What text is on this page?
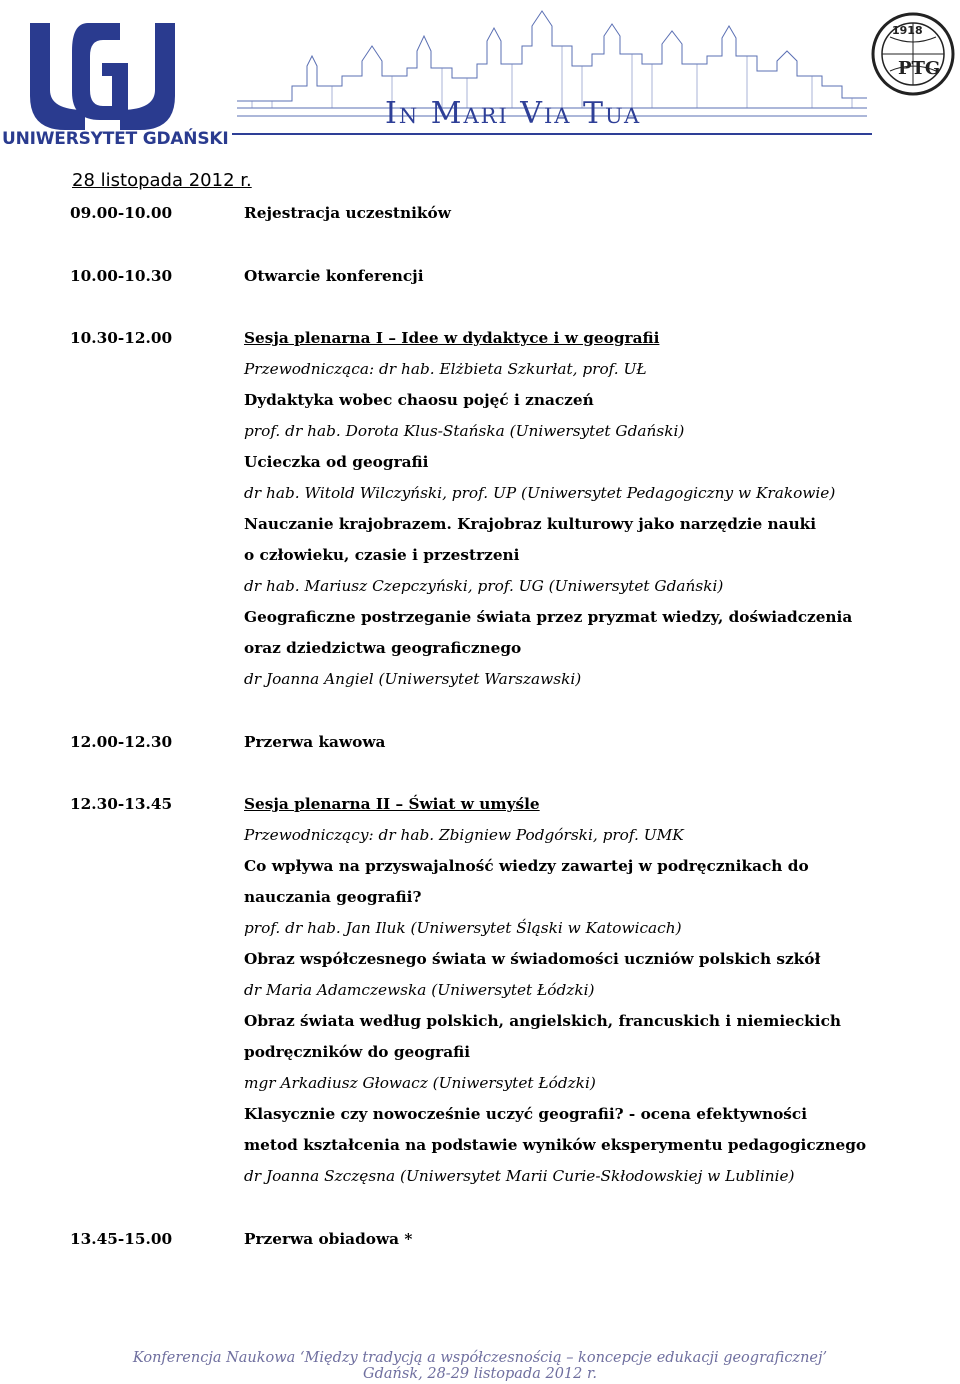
UNIWERSYTET GDAŃSKI
In Mari Via Tua
1918
PTG
28 listopada 2012 r.
09.00-10.00	Rejestracja uczestników
10.00-10.30	Otwarcie konferencji
10.30-12.00	Sesja plenarna I – Idee w dydaktyce i w geografii
Przewodnicząca: dr hab. Elżbieta Szkurłat, prof. UŁ
Dydaktyka wobec chaosu pojęć i znaczeń
prof. dr hab. Dorota Klus-Stańska (Uniwersytet Gdański)
Ucieczka od geografii
dr hab. Witold Wilczyński, prof. UP (Uniwersytet Pedagogiczny w Krakowie)
Nauczanie krajobrazem. Krajobraz kulturowy jako narzędzie nauki
o człowieku, czasie i przestrzeni
dr hab. Mariusz Czepczyński, prof. UG (Uniwersytet Gdański)
Geograficzne postrzeganie świata przez pryzmat wiedzy, doświadczenia
oraz dziedzictwa geograficznego
dr Joanna Angiel (Uniwersytet Warszawski)
12.00-12.30	Przerwa kawowa
12.30-13.45	Sesja plenarna II – Świat w umyśle
Przewodniczący: dr hab. Zbigniew Podgórski, prof. UMK
Co wpływa na przyswajalność wiedzy zawartej w podręcznikach do
nauczania geografii?
prof. dr hab. Jan Iluk (Uniwersytet Śląski w Katowicach)
Obraz współczesnego świata w świadomości uczniów polskich szkół
dr Maria Adamczewska (Uniwersytet Łódzki)
Obraz świata według polskich, angielskich, francuskich i niemieckich
podręczników do geografii
mgr Arkadiusz Głowacz (Uniwersytet Łódzki)
Klasycznie czy nowocześnie uczyć geografii? - ocena efektywności
metod kształcenia na podstawie wyników eksperymentu pedagogicznego
dr Joanna Szczęsna (Uniwersytet Marii Curie-Skłodowskiej w Lublinie)
13.45-15.00	Przerwa obiadowa *
Konferencja Naukowa ‘Między tradycją a współczesnością – koncepcje edukacji geograficznej’
Gdańsk, 28-29 listopada 2012 r.
